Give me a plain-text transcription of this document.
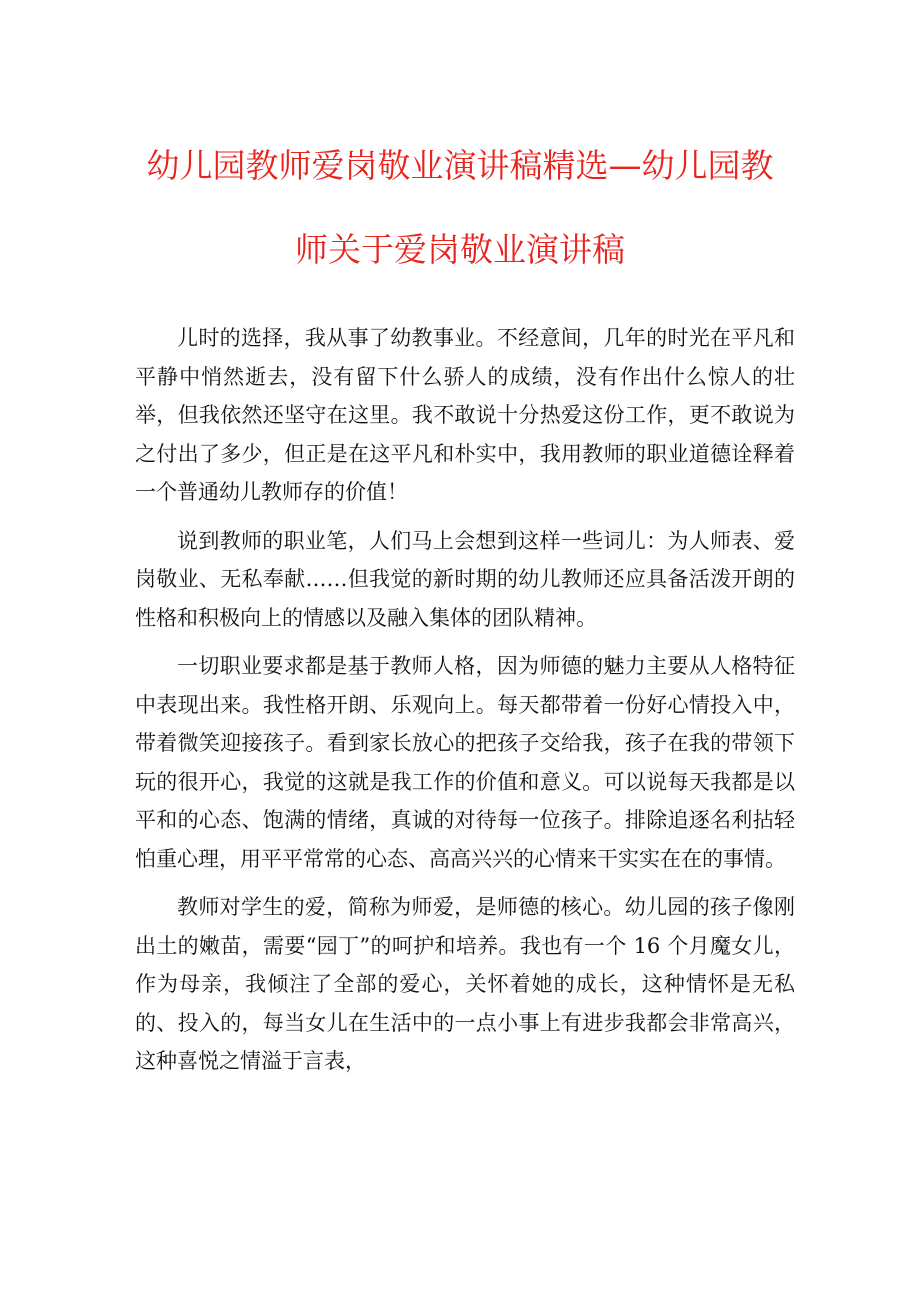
幼儿园教师爱岗敬业演讲稿精选—幼儿园教
师关于爱岗敬业演讲稿

儿时的选择，我从事了幼教事业。不经意间，几年的时光在平凡和平静中悄然逝去，没有留下什么骄人的成绩，没有作出什么惊人的壮举，但我依然还坚守在这里。我不敢说十分热爱这份工作，更不敢说为之付出了多少，但正是在这平凡和朴实中，我用教师的职业道德诠释着一个普通幼儿教师存的价值！

说到教师的职业笔，人们马上会想到这样一些词儿：为人师表、爱岗敬业、无私奉献……但我觉的新时期的幼儿教师还应具备活泼开朗的性格和积极向上的情感以及融入集体的团队精神。

一切职业要求都是基于教师人格，因为师德的魅力主要从人格特征中表现出来。我性格开朗、乐观向上。每天都带着一份好心情投入中，带着微笑迎接孩子。看到家长放心的把孩子交给我，孩子在我的带领下玩的很开心，我觉的这就是我工作的价值和意义。可以说每天我都是以平和的心态、饱满的情绪，真诚的对待每一位孩子。排除追逐名利拈轻怕重心理，用平平常常的心态、高高兴兴的心情来干实实在在的事情。

教师对学生的爱，简称为师爱，是师德的核心。幼儿园的孩子像刚出土的嫩苗，需要“园丁”的呵护和培养。我也有一个 16 个月魔女儿，作为母亲，我倾注了全部的爱心，关怀着她的成长，这种情怀是无私的、投入的，每当女儿在生活中的一点小事上有进步我都会非常高兴，这种喜悦之情溢于言表，
